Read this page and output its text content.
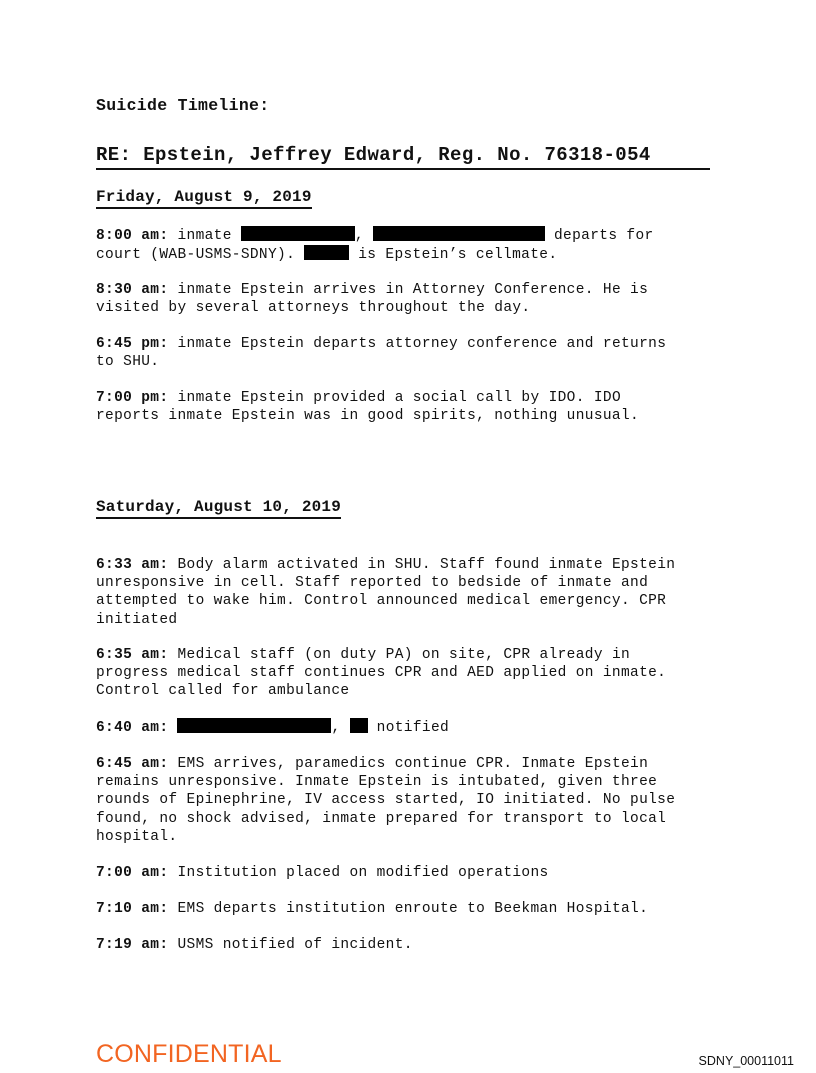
Suicide Timeline:
RE: Epstein, Jeffrey Edward, Reg. No. 76318-054
Friday, August 9, 2019
8:00 am: inmate	,	departs for
court (WAB-USMS-SDNY).	is Epstein’s cellmate.
8:30 am: inmate Epstein arrives in Attorney Conference. He is
visited by several attorneys throughout the day.
6:45 pm: inmate Epstein departs attorney conference and returns
to SHU.
7:00 pm: inmate Epstein provided a social call by IDO. IDO
reports inmate Epstein was in good spirits, nothing unusual.
Saturday, August 10, 2019
6:33 am: Body alarm activated in SHU. Staff found inmate Epstein
unresponsive in cell. Staff reported to bedside of inmate and
attempted to wake him. Control announced medical emergency. CPR
initiated
6:35 am: Medical staff (on duty PA) on site, CPR already in
progress medical staff continues CPR and AED applied on inmate.
Control called for ambulance
6:40 am:	,  notified
6:45 am: EMS arrives, paramedics continue CPR. Inmate Epstein
remains unresponsive. Inmate Epstein is intubated, given three
rounds of Epinephrine, IV access started, IO initiated. No pulse
found, no shock advised, inmate prepared for transport to local
hospital.
7:00 am: Institution placed on modified operations
7:10 am: EMS departs institution enroute to Beekman Hospital.
7:19 am: USMS notified of incident.
CONFIDENTIAL	SDNY_00011011
